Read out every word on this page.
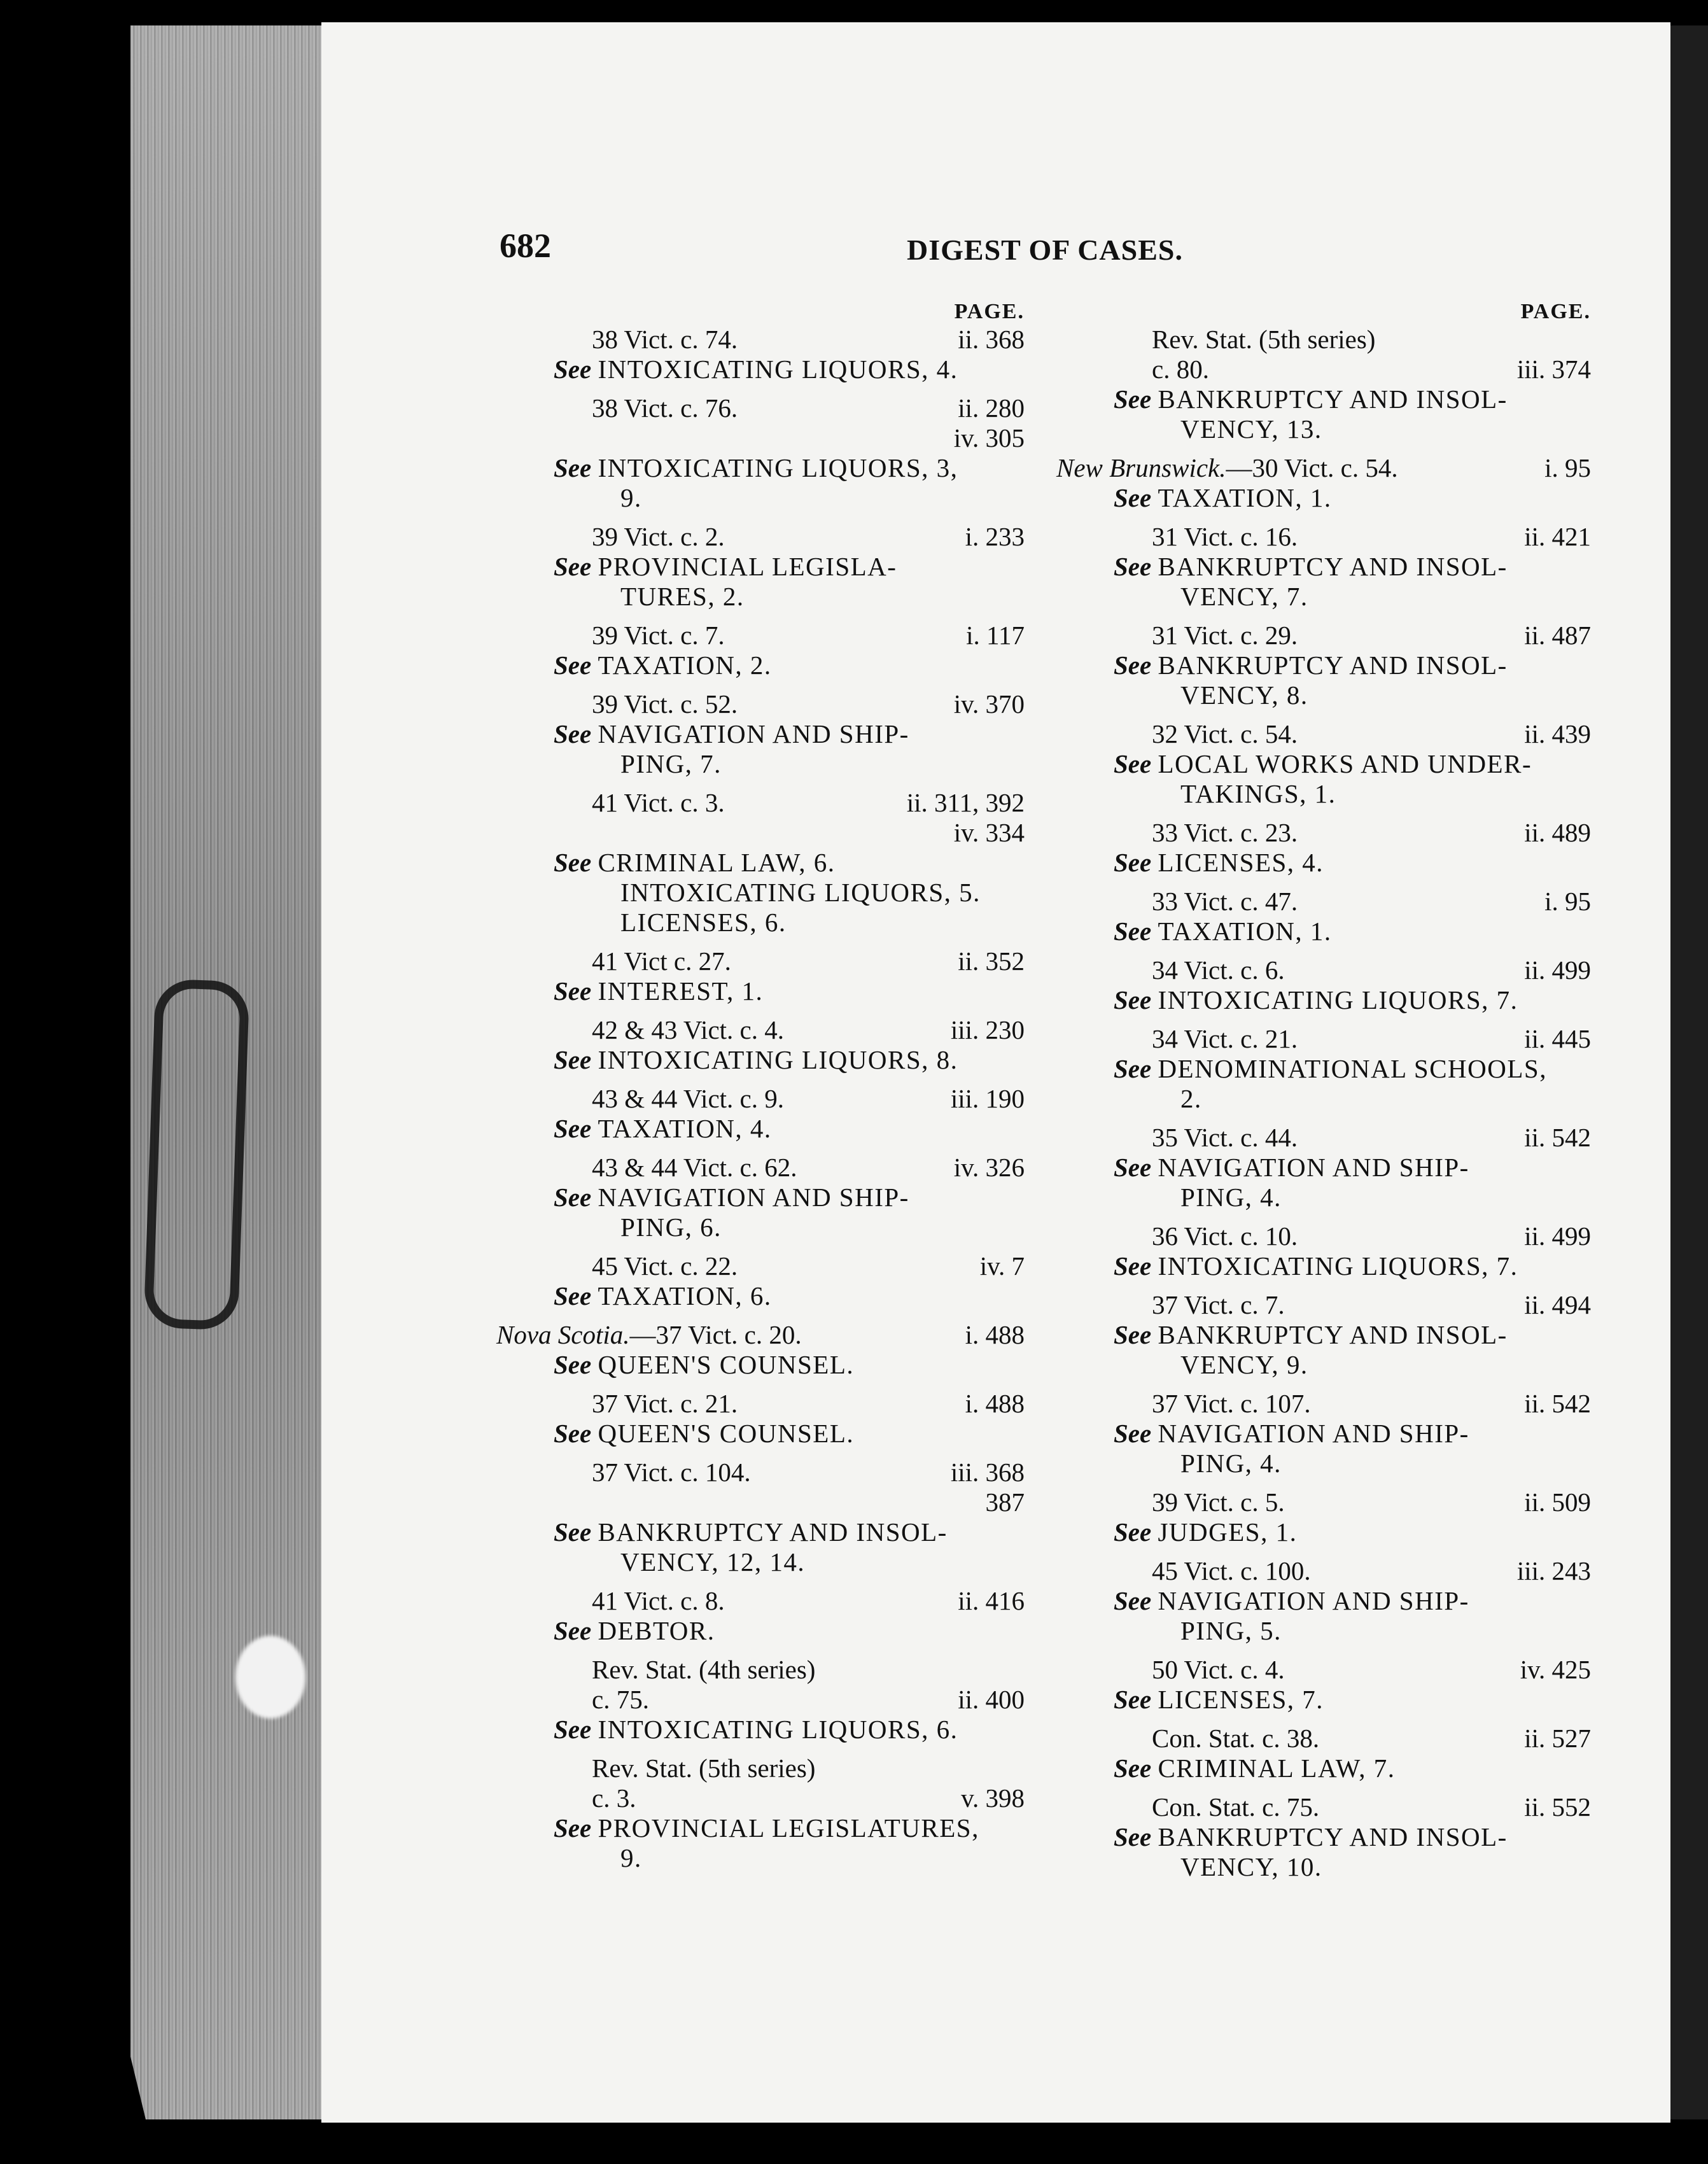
682	DIGEST OF CASES.
PAGE.
38 Vict. c. 74.	ii. 368
See INTOXICATING LIQUORS, 4.
38 Vict. c. 76.	ii. 280
iv. 305
See INTOXICATING LIQUORS, 3,
9.
39 Vict. c. 2.	i. 233
See PROVINCIAL LEGISLA-
TURES, 2.
39 Vict. c. 7.	i. 117
See TAXATION, 2.
39 Vict. c. 52.	iv. 370
See NAVIGATION AND SHIP-
PING, 7.
41 Vict. c. 3.	ii. 311, 392
iv. 334
See CRIMINAL LAW, 6.
INTOXICATING LIQUORS, 5.
LICENSES, 6.
41 Vict c. 27.	ii. 352
See INTEREST, 1.
42 & 43 Vict. c. 4.	iii. 230
See INTOXICATING LIQUORS, 8.
43 & 44 Vict. c. 9.	iii. 190
See TAXATION, 4.
43 & 44 Vict. c. 62.	iv. 326
See NAVIGATION AND SHIP-
PING, 6.
45 Vict. c. 22.	iv. 7
See TAXATION, 6.
Nova Scotia.—37 Vict. c. 20.	i. 488
See QUEEN'S COUNSEL.
37 Vict. c. 21.	i. 488
See QUEEN'S COUNSEL.
37 Vict. c. 104.	iii. 368
387
See BANKRUPTCY AND INSOL-
VENCY, 12, 14.
41 Vict. c. 8.	ii. 416
See DEBTOR.
Rev. Stat. (4th series)
c. 75.	ii. 400
See INTOXICATING LIQUORS, 6.
Rev. Stat. (5th series)
c. 3.	v. 398
See PROVINCIAL LEGISLATURES,
9.
PAGE.
Rev. Stat. (5th series)
c. 80.	iii. 374
See BANKRUPTCY AND INSOL-
VENCY, 13.
New Brunswick.—30 Vict. c. 54.	i. 95
See TAXATION, 1.
31 Vict. c. 16.	ii. 421
See BANKRUPTCY AND INSOL-
VENCY, 7.
31 Vict. c. 29.	ii. 487
See BANKRUPTCY AND INSOL-
VENCY, 8.
32 Vict. c. 54.	ii. 439
See LOCAL WORKS AND UNDER-
TAKINGS, 1.
33 Vict. c. 23.	ii. 489
See LICENSES, 4.
33 Vict. c. 47.	i. 95
See TAXATION, 1.
34 Vict. c. 6.	ii. 499
See INTOXICATING LIQUORS, 7.
34 Vict. c. 21.	ii. 445
See DENOMINATIONAL SCHOOLS,
2.
35 Vict. c. 44.	ii. 542
See NAVIGATION AND SHIP-
PING, 4.
36 Vict. c. 10.	ii. 499
See INTOXICATING LIQUORS, 7.
37 Vict. c. 7.	ii. 494
See BANKRUPTCY AND INSOL-
VENCY, 9.
37 Vict. c. 107.	ii. 542
See NAVIGATION AND SHIP-
PING, 4.
39 Vict. c. 5.	ii. 509
See JUDGES, 1.
45 Vict. c. 100.	iii. 243
See NAVIGATION AND SHIP-
PING, 5.
50 Vict. c. 4.	iv. 425
See LICENSES, 7.
Con. Stat. c. 38.	ii. 527
See CRIMINAL LAW, 7.
Con. Stat. c. 75.	ii. 552
See BANKRUPTCY AND INSOL-
VENCY, 10.
